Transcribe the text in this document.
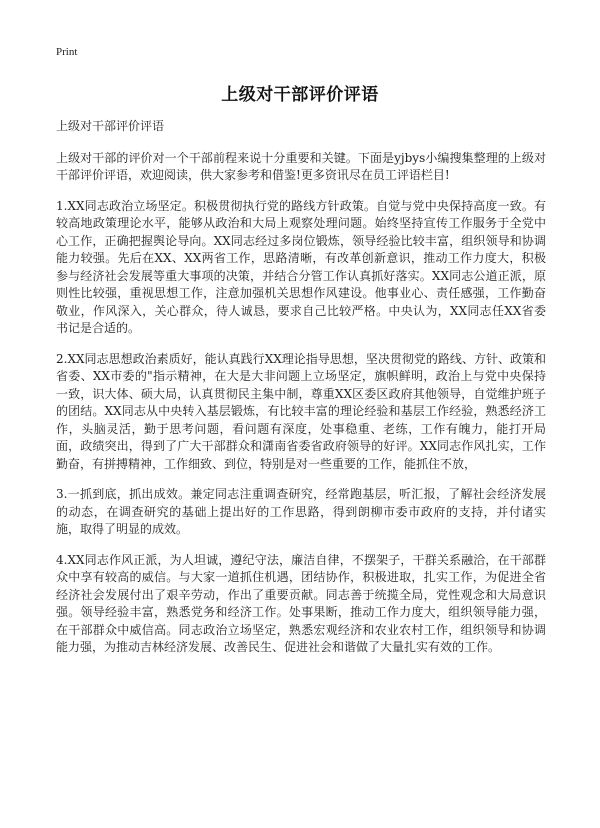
Print
上级对干部评价评语

上级对干部评价评语

上级对干部的评价对一个干部前程来说十分重要和关键。下面是yjbys小编搜集整理的上级对干部评价评语，欢迎阅读，供大家参考和借鉴!更多资讯尽在员工评语栏目!

1.XX同志政治立场坚定。积极贯彻执行党的路线方针政策。自觉与党中央保持高度一致。有较高地政策理论水平，能够从政治和大局上观察处理问题。始终坚持宣传工作服务于全党中心工作，正确把握舆论导向。XX同志经过多岗位锻炼，领导经验比较丰富，组织领导和协调能力较强。先后在XX、XX两省工作，思路清晰，有改革创新意识，推动工作力度大，积极参与经济社会发展等重大事项的决策，并结合分管工作认真抓好落实。XX同志公道正派，原则性比较强，重视思想工作，注意加强机关思想作风建设。他事业心、责任感强，工作勤奋敬业，作风深入，关心群众，待人诚恳，要求自己比较严格。中央认为，XX同志任XX省委书记是合适的。

2.XX同志思想政治素质好，能认真践行XX理论指导思想，坚决贯彻党的路线、方针、政策和省委、XX市委的"指示精神，在大是大非问题上立场坚定，旗帜鲜明，政治上与党中央保持一致，识大体、硕大局，认真贯彻民主集中制，尊重XX区委区政府其他领导，自觉维护班子的团结。XX同志从中央转入基层锻炼，有比较丰富的理论经验和基层工作经验，熟悉经济工作，头脑灵活，勤于思考问题，看问题有深度，处事稳重、老练，工作有魄力，能打开局面，政绩突出，得到了广大干部群众和潇南省委省政府领导的好评。XX同志作风扎实，工作勤奋，有拼搏精神，工作细致、到位，特别是对一些重要的工作，能抓住不放，

3.一抓到底，抓出成效。兼定同志注重调查研究，经常跑基层，听汇报，了解社会经济发展的动态，在调查研究的基础上提出好的工作思路，得到朗柳市委市政府的支持，并付诸实施，取得了明显的成效。

4.XX同志作风正派，为人坦诚，遵纪守法，廉洁自律，不摆架子，干群关系融洽，在干部群众中享有较高的威信。与大家一道抓住机遇，团结协作，积极进取，扎实工作，为促进全省经济社会发展付出了艰辛劳动，作出了重要贡献。同志善于统揽全局，党性观念和大局意识强。领导经验丰富，熟悉党务和经济工作。处事果断，推动工作力度大，组织领导能力强，在干部群众中威信高。同志政治立场坚定，熟悉宏观经济和农业农村工作，组织领导和协调能力强，为推动吉林经济发展、改善民生、促进社会和谐做了大量扎实有效的工作。
